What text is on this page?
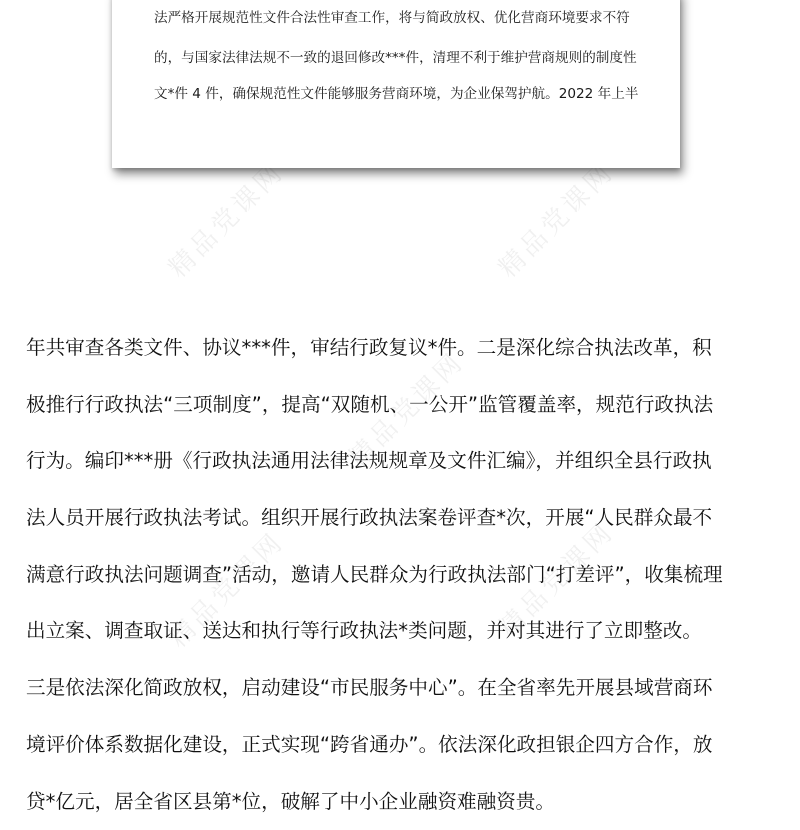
精品党课网	精品党课网
精品党课网
精品党课网	精品党课网
法严格开展规范性文件合法性审查工作，将与简政放权、优化营商环境要求不符
的，与国家法律法规不一致的退回修改***件，清理不利于维护营商规则的制度性
文*件 4 件，确保规范性文件能够服务营商环境，为企业保驾护航。2022 年上半
年共审查各类文件、协议***件，审结行政复议*件。二是深化综合执法改革，积
极推行行政执法“三项制度”，提高“双随机、一公开”监管覆盖率，规范行政执法
行为。编印***册《行政执法通用法律法规规章及文件汇编》，并组织全县行政执
法人员开展行政执法考试。组织开展行政执法案卷评查*次，开展“人民群众最不
满意行政执法问题调查”活动，邀请人民群众为行政执法部门“打差评”，收集梳理
出立案、调查取证、送达和执行等行政执法*类问题，并对其进行了立即整改。
三是依法深化简政放权，启动建设“市民服务中心”。在全省率先开展县域营商环
境评价体系数据化建设，正式实现“跨省通办”。依法深化政担银企四方合作，放
贷*亿元，居全省区县第*位，破解了中小企业融资难融资贵。
